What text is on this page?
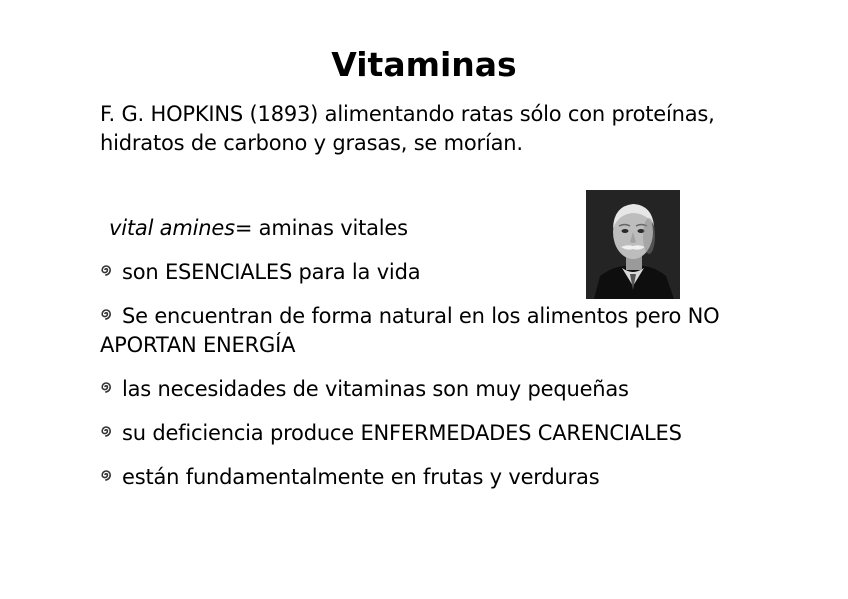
Vitaminas

F. G. HOPKINS (1893) alimentando ratas sólo con proteínas, hidratos de carbono y grasas, se morían.

vital amines= aminas vitales

son ESENCIALES para la vida
Se encuentran de forma natural en los alimentos pero NO APORTAN ENERGÍA
las necesidades de vitaminas son muy pequeñas
su deficiencia produce ENFERMEDADES CARENCIALES
están fundamentalmente en frutas y verduras
